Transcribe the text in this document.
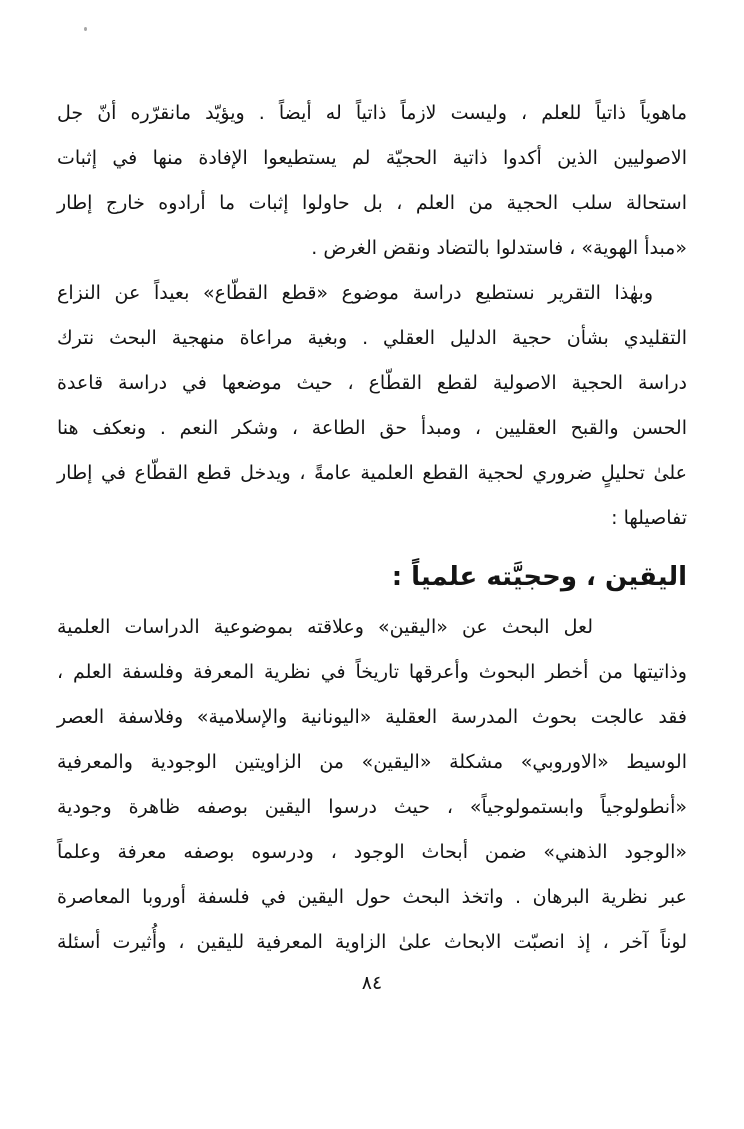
ماهوياً ذاتياً للعلم ، وليست لازماً ذاتياً له أيضاً . ويؤيّد مانقرّره أنّ جل
الاصوليين الذين أكدوا ذاتية الحجيّة لم يستطيعوا الإفادة منها في إثبات
استحالة سلب الحجية من العلم ، بل حاولوا إثبات ما أرادوه خارج إطار
«مبدأ الهوية» ، فاستدلوا بالتضاد ونقض الغرض .
وبهٰذا التقرير نستطيع دراسة موضوع «قطع القطّاع» بعيداً عن النزاع
التقليدي بشأن حجية الدليل العقلي . وبغية مراعاة منهجية البحث نترك
دراسة الحجية الاصولية لقطع القطّاع ، حيث موضعها في دراسة قاعدة
الحسن والقبح العقليين ، ومبدأ حق الطاعة ، وشكر النعم . ونعكف هنا
علىٰ تحليلٍ ضروري لحجية القطع العلمية عامةً ، ويدخل قطع القطّاع في إطار
تفاصيلها :
اليقين ، وحجيَّته علمياً :
لعل البحث عن «اليقين» وعلاقته بموضوعية الدراسات العلمية
وذاتيتها من أخطر البحوث وأعرقها تاريخاً في نظرية المعرفة وفلسفة العلم ،
فقد عالجت بحوث المدرسة العقلية «اليونانية والإسلامية» وفلاسفة العصر
الوسيط «الاوروبي» مشكلة «اليقين» من الزاويتين الوجودية والمعرفية
«أنطولوجياً وابستمولوجياً» ، حيث درسوا اليقين بوصفه ظاهرة وجودية
«الوجود الذهني» ضمن أبحاث الوجود ، ودرسوه بوصفه معرفة وعلماً
عبر نظرية البرهان . واتخذ البحث حول اليقين في فلسفة أوروبا المعاصرة
لوناً آخر ، إذ انصبّت الابحاث علىٰ الزاوية المعرفية لليقين ، وأُثيرت أسئلة
٨٤
